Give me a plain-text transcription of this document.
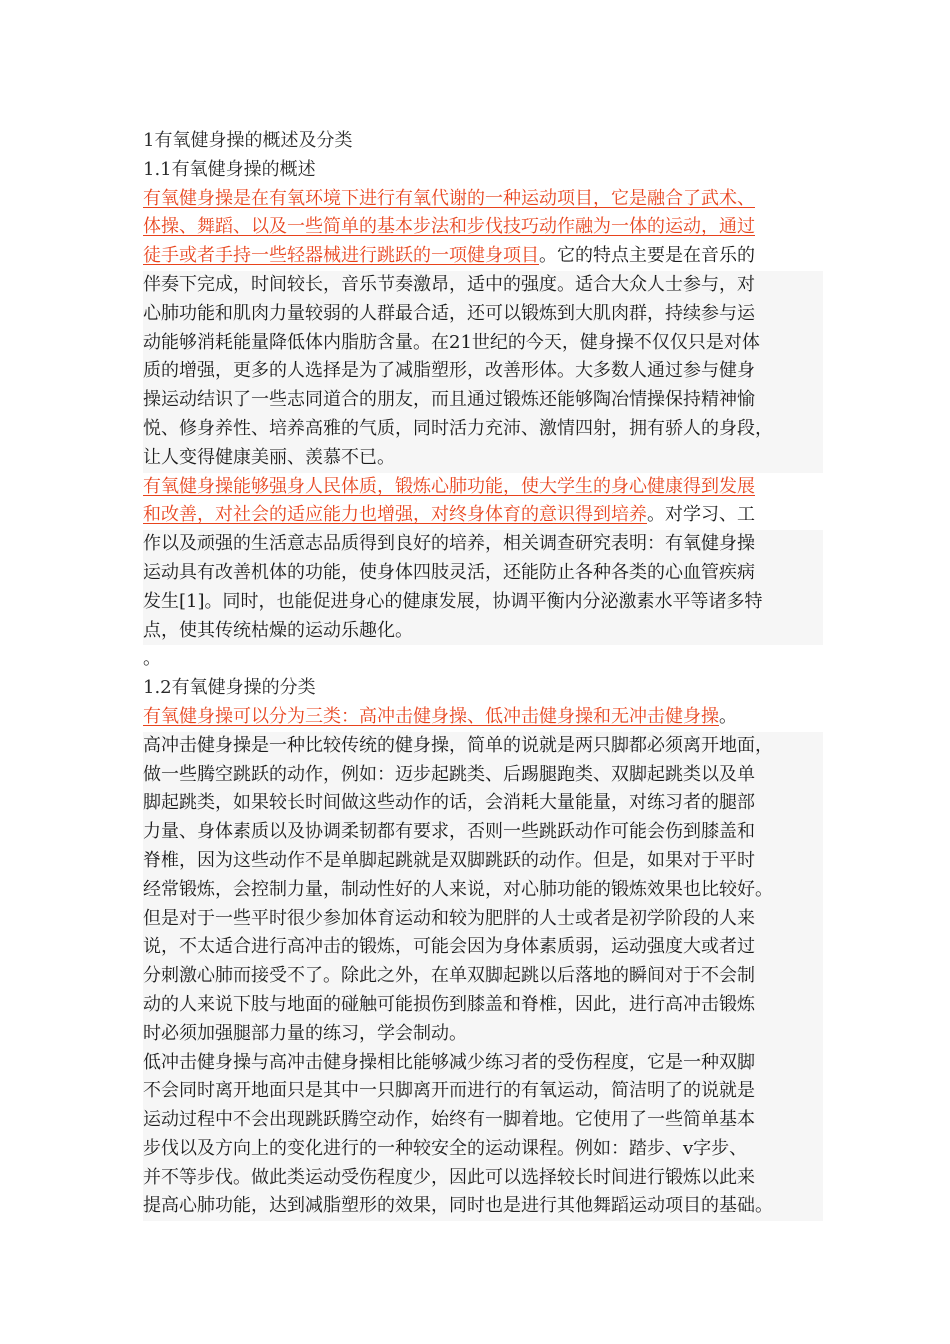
1有氧健身操的概述及分类
1.1有氧健身操的概述
有氧健身操是在有氧环境下进行有氧代谢的一种运动项目，它是融合了武术、
体操、舞蹈、以及一些简单的基本步法和步伐技巧动作融为一体的运动，通过
徒手或者手持一些轻器械进行跳跃的一项健身项目。它的特点主要是在音乐的
伴奏下完成，时间较长，音乐节奏激昂，适中的强度。适合大众人士参与，对
心肺功能和肌肉力量较弱的人群最合适，还可以锻炼到大肌肉群，持续参与运
动能够消耗能量降低体内脂肪含量。在21世纪的今天，健身操不仅仅只是对体
质的增强，更多的人选择是为了减脂塑形，改善形体。大多数人通过参与健身
操运动结识了一些志同道合的朋友，而且通过锻炼还能够陶冶情操保持精神愉
悦、修身养性、培养高雅的气质，同时活力充沛、激情四射，拥有骄人的身段，
让人变得健康美丽、羡慕不已。
有氧健身操能够强身人民体质，锻炼心肺功能，使大学生的身心健康得到发展
和改善，对社会的适应能力也增强，对终身体育的意识得到培养。对学习、工
作以及顽强的生活意志品质得到良好的培养，相关调查研究表明：有氧健身操
运动具有改善机体的功能，使身体四肢灵活，还能防止各种各类的心血管疾病
发生[1]。同时，也能促进身心的健康发展，协调平衡内分泌激素水平等诸多特
点，使其传统枯燥的运动乐趣化。
。
1.2有氧健身操的分类
有氧健身操可以分为三类：高冲击健身操、低冲击健身操和无冲击健身操。
高冲击健身操是一种比较传统的健身操，简单的说就是两只脚都必须离开地面，
做一些腾空跳跃的动作，例如：迈步起跳类、后踢腿跑类、双脚起跳类以及单
脚起跳类，如果较长时间做这些动作的话，会消耗大量能量，对练习者的腿部
力量、身体素质以及协调柔韧都有要求，否则一些跳跃动作可能会伤到膝盖和
脊椎，因为这些动作不是单脚起跳就是双脚跳跃的动作。但是，如果对于平时
经常锻炼，会控制力量，制动性好的人来说，对心肺功能的锻炼效果也比较好。
但是对于一些平时很少参加体育运动和较为肥胖的人士或者是初学阶段的人来
说，不太适合进行高冲击的锻炼，可能会因为身体素质弱，运动强度大或者过
分刺激心肺而接受不了。除此之外，在单双脚起跳以后落地的瞬间对于不会制
动的人来说下肢与地面的碰触可能损伤到膝盖和脊椎，因此，进行高冲击锻炼
时必须加强腿部力量的练习，学会制动。
低冲击健身操与高冲击健身操相比能够减少练习者的受伤程度，它是一种双脚
不会同时离开地面只是其中一只脚离开而进行的有氧运动，简洁明了的说就是
运动过程中不会出现跳跃腾空动作，始终有一脚着地。它使用了一些简单基本
步伐以及方向上的变化进行的一种较安全的运动课程。例如：踏步、v字步、
并不等步伐。做此类运动受伤程度少，因此可以选择较长时间进行锻炼以此来
提高心肺功能，达到减脂塑形的效果，同时也是进行其他舞蹈运动项目的基础。
